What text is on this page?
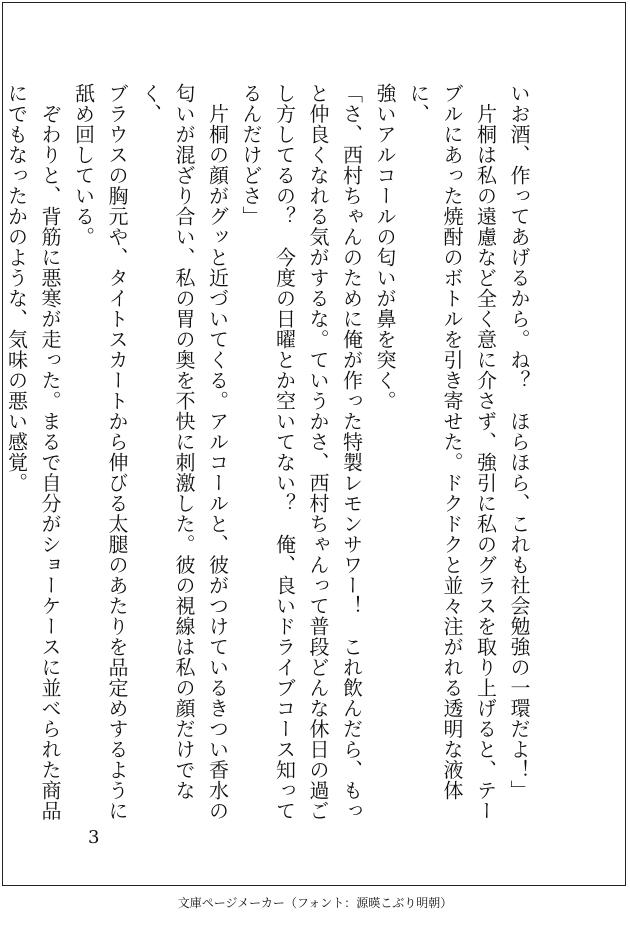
いお酒、作ってあげるから。ね？　ほらほら、これも社会勉強の一環だよ！」

　片桐は私の遠慮など全く意に介さず、強引に私のグラスを取り上げると、テー

ブルにあった焼酎のボトルを引き寄せた。ドクドクと並々注がれる透明な液体に、

強いアルコールの匂いが鼻を突く。

「さ、西村ちゃんのために俺が作った特製レモンサワー！　これ飲んだら、もっ

と仲良くなれる気がするな。ていうかさ、西村ちゃんって普段どんな休日の過ご

し方してるの？　今度の日曜とか空いてない？　俺、良いドライブコース知って

るんだけどさ」

　片桐の顔がグッと近づいてくる。アルコールと、彼がつけているきつい香水の

匂いが混ざり合い、私の胃の奥を不快に刺激した。彼の視線は私の顔だけでなく、

ブラウスの胸元や、タイトスカートから伸びる太腿のあたりを品定めするように

舐め回している。

　ぞわりと、背筋に悪寒が走った。まるで自分がショーケースに並べられた商品

にでもなったかのような、気味の悪い感覚。

3
文庫ページメーカー（フォント：源暎こぶり明朝）
